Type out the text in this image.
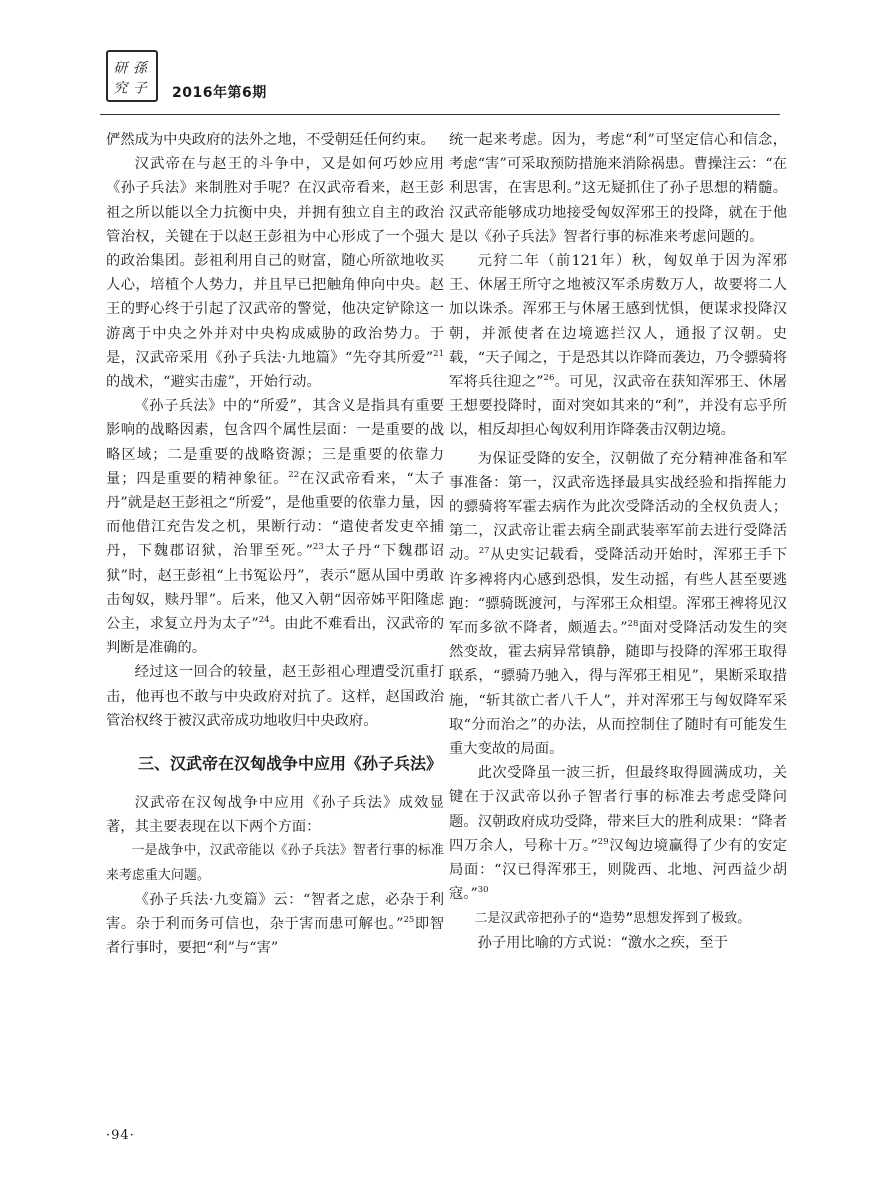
研 孫
究 子 2016年第6期

俨然成为中央政府的法外之地，不受朝廷任何约束。

汉武帝在与赵王的斗争中，又是如何巧妙应用《孙子兵法》来制胜对手呢？在汉武帝看来，赵王彭祖之所以能以全力抗衡中央，并拥有独立自主的政治管治权，关键在于以赵王彭祖为中心形成了一个强大的政治集团。彭祖利用自己的财富，随心所欲地收买人心，培植个人势力，并且早已把触角伸向中央。赵王的野心终于引起了汉武帝的警觉，他决定铲除这一游离于中央之外并对中央构成威胁的政治势力。于是，汉武帝采用《孙子兵法·九地篇》“先夺其所爱”$^{21}$的战术，“避实击虚”，开始行动。

《孙子兵法》中的“所爱”，其含义是指具有重要影响的战略因素，包含四个属性层面：一是重要的战略区域；二是重要的战略资源；三是重要的依靠力量；四是重要的精神象征。$^{22}$在汉武帝看来，“太子丹”就是赵王彭祖之“所爱”，是他重要的依靠力量，因而他借江充告发之机，果断行动：“遣使者发吏卒捕丹，下魏郡诏狱，治罪至死。”$^{23}$太子丹“下魏郡诏狱”时，赵王彭祖“上书冤讼丹”，表示“愿从国中勇敢击匈奴，赎丹罪”。后来，他又入朝“因帝姊平阳隆虑公主，求复立丹为太子”$^{24}$。由此不难看出，汉武帝的判断是准确的。

经过这一回合的较量，赵王彭祖心理遭受沉重打击，他再也不敢与中央政府对抗了。这样，赵国政治管治权终于被汉武帝成功地收归中央政府。

三、汉武帝在汉匈战争中应用《孙子兵法》

汉武帝在汉匈战争中应用《孙子兵法》成效显著，其主要表现在以下两个方面：

一是战争中，汉武帝能以《孙子兵法》智者行事的标准来考虑重大问题。

《孙子兵法·九变篇》云：“智者之虑，必杂于利害。杂于利而务可信也，杂于害而患可解也。”$^{25}$即智者行事时，要把“利”与“害”

统一起来考虑。因为，考虑“利”可坚定信心和信念，考虑“害”可采取预防措施来消除祸患。曹操注云：“在利思害，在害思利。”这无疑抓住了孙子思想的精髓。汉武帝能够成功地接受匈奴浑邪王的投降，就在于他是以《孙子兵法》智者行事的标准来考虑问题的。

元狩二年（前121年）秋，匈奴单于因为浑邪王、休屠王所守之地被汉军杀虏数万人，故要将二人加以诛杀。浑邪王与休屠王感到忧惧，便谋求投降汉朝，并派使者在边境遮拦汉人，通报了汉朝。史载，“天子闻之，于是恐其以诈降而袭边，乃令骠骑将军将兵往迎之”$^{26}$。可见，汉武帝在获知浑邪王、休屠王想要投降时，面对突如其来的“利”，并没有忘乎所以，相反却担心匈奴利用诈降袭击汉朝边境。

为保证受降的安全，汉朝做了充分精神准备和军事准备：第一，汉武帝选择最具实战经验和指挥能力的骠骑将军霍去病作为此次受降活动的全权负责人；第二，汉武帝让霍去病全副武装率军前去进行受降活动。$^{27}$从史实记载看，受降活动开始时，浑邪王手下许多裨将内心感到恐惧，发生动摇，有些人甚至要逃跑：“骠骑既渡河，与浑邪王众相望。浑邪王裨将见汉军而多欲不降者，颇遁去。”$^{28}$面对受降活动发生的突然变故，霍去病异常镇静，随即与投降的浑邪王取得联系，“骠骑乃驰入，得与浑邪王相见”，果断采取措施，“斩其欲亡者八千人”，并对浑邪王与匈奴降军采取“分而治之”的办法，从而控制住了随时有可能发生重大变故的局面。

此次受降虽一波三折，但最终取得圆满成功，关键在于汉武帝以孙子智者行事的标准去考虑受降问题。汉朝政府成功受降，带来巨大的胜利成果：“降者四万余人，号称十万。”$^{29}$汉匈边境赢得了少有的安定局面：“汉已得浑邪王，则陇西、北地、河西益少胡寇。”$^{30}$

二是汉武帝把孙子的“造势”思想发挥到了极致。

孙子用比喻的方式说：“激水之疾，至于

·94·
